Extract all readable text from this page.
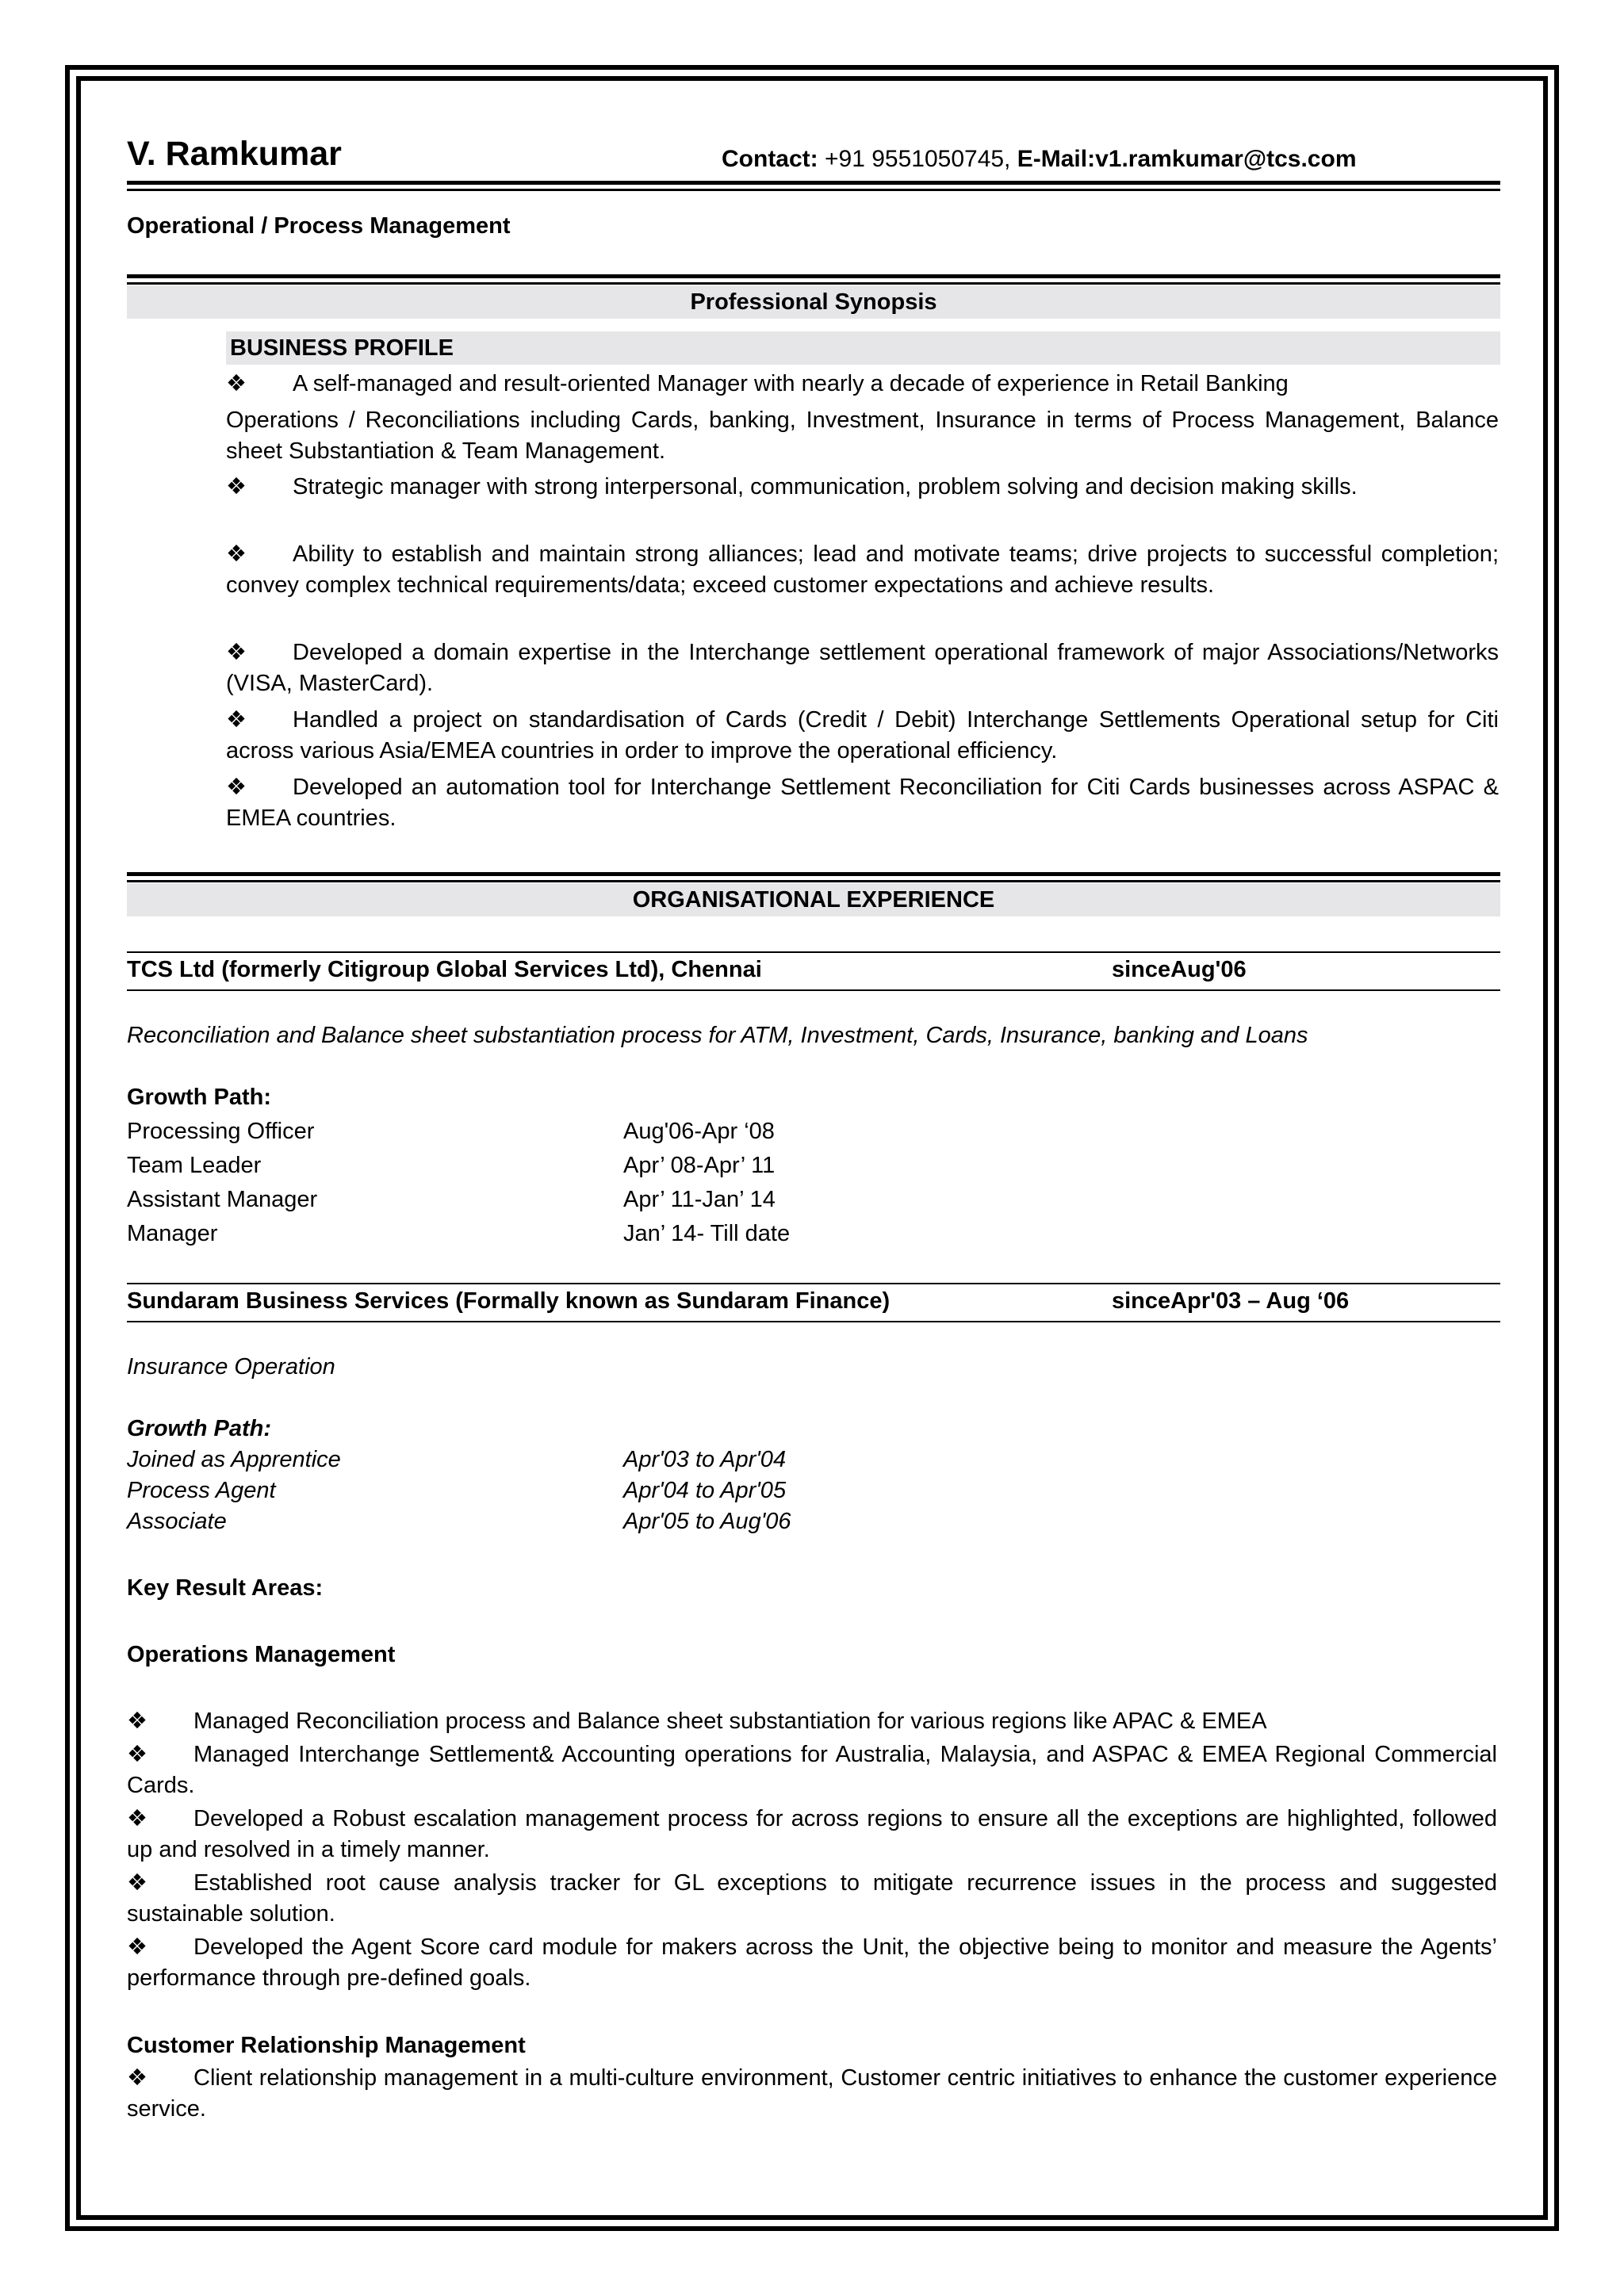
V. Ramkumar	Contact: +91 9551050745, E-Mail:v1.ramkumar@tcs.com
Operational / Process Management
Professional Synopsis
BUSINESS PROFILE
❖ A self-managed and result-oriented Manager with nearly a decade of experience in Retail Banking
Operations / Reconciliations including Cards, banking, Investment, Insurance in terms of Process Management, Balance sheet Substantiation & Team Management.
❖ Strategic manager with strong interpersonal, communication, problem solving and decision making skills.
❖ Ability to establish and maintain strong alliances; lead and motivate teams; drive projects to successful completion; convey complex technical requirements/data; exceed customer expectations and achieve results.
❖ Developed a domain expertise in the Interchange settlement operational framework of major Associations/Networks (VISA, MasterCard).
❖ Handled a project on standardisation of Cards (Credit / Debit) Interchange Settlements Operational setup for Citi across various Asia/EMEA countries in order to improve the operational efficiency.
❖ Developed an automation tool for Interchange Settlement Reconciliation for Citi Cards businesses across ASPAC & EMEA countries.
ORGANISATIONAL EXPERIENCE
TCS Ltd (formerly Citigroup Global Services Ltd), Chennai	sinceAug'06
Reconciliation and Balance sheet substantiation process for ATM, Investment, Cards, Insurance, banking and Loans
Growth Path:
Processing Officer	Aug'06-Apr ‘08
Team Leader	Apr’ 08-Apr’ 11
Assistant Manager	Apr’ 11-Jan’ 14
Manager	Jan’ 14- Till date
Sundaram Business Services (Formally known as Sundaram Finance)	sinceApr'03 – Aug ‘06
Insurance Operation
Growth Path:
Joined as Apprentice	Apr'03 to Apr'04
Process Agent	Apr'04 to Apr'05
Associate	Apr'05 to Aug'06
Key Result Areas:
Operations Management
❖ Managed Reconciliation process and Balance sheet substantiation for various regions like APAC & EMEA
❖ Managed Interchange Settlement& Accounting operations for Australia, Malaysia, and ASPAC & EMEA Regional Commercial Cards.
❖ Developed a Robust escalation management process for across regions to ensure all the exceptions are highlighted, followed up and resolved in a timely manner.
❖ Established root cause analysis tracker for GL exceptions to mitigate recurrence issues in the process and suggested sustainable solution.
❖ Developed the Agent Score card module for makers across the Unit, the objective being to monitor and measure the Agents’ performance through pre-defined goals.
Customer Relationship Management
❖ Client relationship management in a multi-culture environment, Customer centric initiatives to enhance the customer experience service.
